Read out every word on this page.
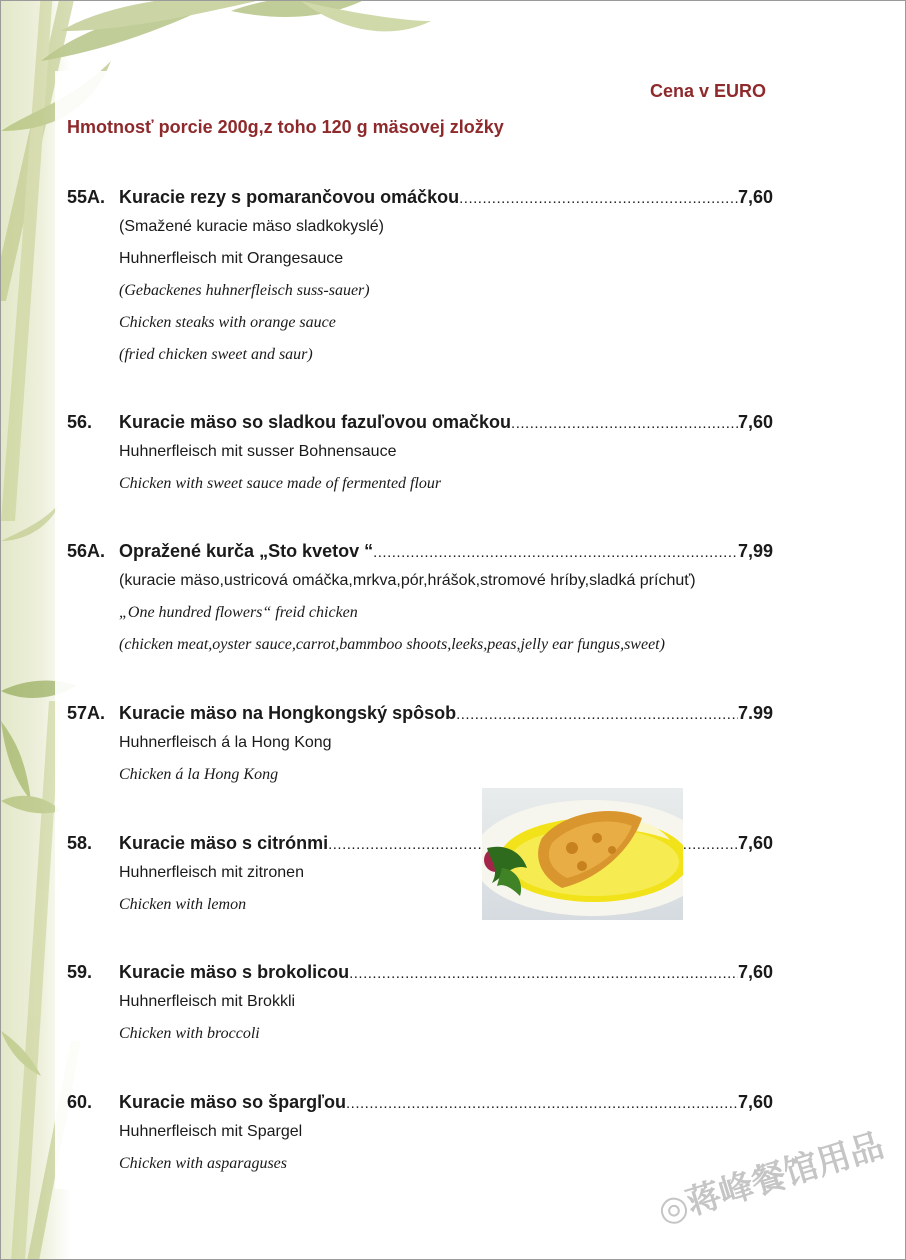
Cena v EURO
Hmotnosť porcie 200g,z toho 120 g mäsovej zložky
55A. Kuracie rezy s pomarančovou omáčkou .....	7,60
(Smažené kuracie mäso sladkokyslé)
Huhnerfleisch mit Orangesauce
(Gebackenes huhnerfleisch suss-sauer)
Chicken steaks with orange sauce
(fried chicken sweet and saur)
56.	Kuracie mäso so sladkou fazuľovou omačkou .....	7,60
Huhnerfleisch mit susser Bohnensauce
Chicken with sweet sauce made of fermented flour
56A. Opražené kurča „Sto kvetov “ .....	7,99
(kuracie mäso,ustricová omáčka,mrkva,pór,hrášok,stromové hríby,sladká príchuť)
„One hundred flowers“ freid chicken
(chicken meat,oyster sauce,carrot,bammboo shoots,leeks,peas,jelly ear fungus,sweet)
57A. Kuracie mäso na Hongkongský spôsob .....	7.99
Huhnerfleisch á la Hong Kong
Chicken á la Hong Kong
58.	Kuracie mäso s citrónmi .....	7,60
Huhnerfleisch mit zitronen
Chicken with lemon
59.	Kuracie mäso s brokolicou .....	7,60
Huhnerfleisch mit Brokkli
Chicken with broccoli
60.	Kuracie mäso so špargľou .....	7,60
Huhnerfleisch mit Spargel
Chicken with asparaguses
◎蒋峰餐馆用品
